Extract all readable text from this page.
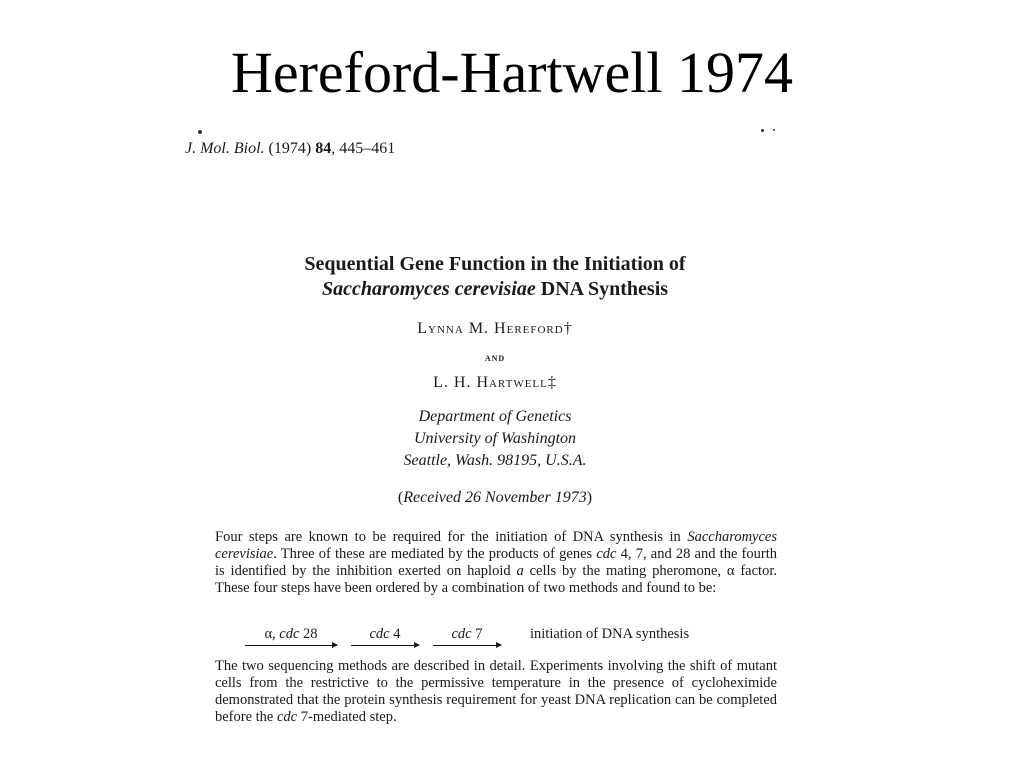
Hereford-Hartwell 1974
J. Mol. Biol. (1974) 84, 445–461
Sequential Gene Function in the Initiation of
Saccharomyces cerevisiae DNA Synthesis
Lynna M. Hereford†
and
L. H. Hartwell‡
Department of Genetics
University of Washington
Seattle, Wash. 98195, U.S.A.
(Received 26 November 1973)
Four steps are known to be required for the initiation of DNA synthesis in Saccharomyces cerevisiae. Three of these are mediated by the products of genes cdc 4, 7, and 28 and the fourth is identified by the inhibition exerted on haploid a cells by the mating pheromone, α factor. These four steps have been ordered by a combination of two methods and found to be:
α, cdc 28	cdc 4	cdc 7	initiation of DNA synthesis
The two sequencing methods are described in detail. Experiments involving the shift of mutant cells from the restrictive to the permissive temperature in the presence of cycloheximide demonstrated that the protein synthesis requirement for yeast DNA replication can be completed before the cdc 7-mediated step.
